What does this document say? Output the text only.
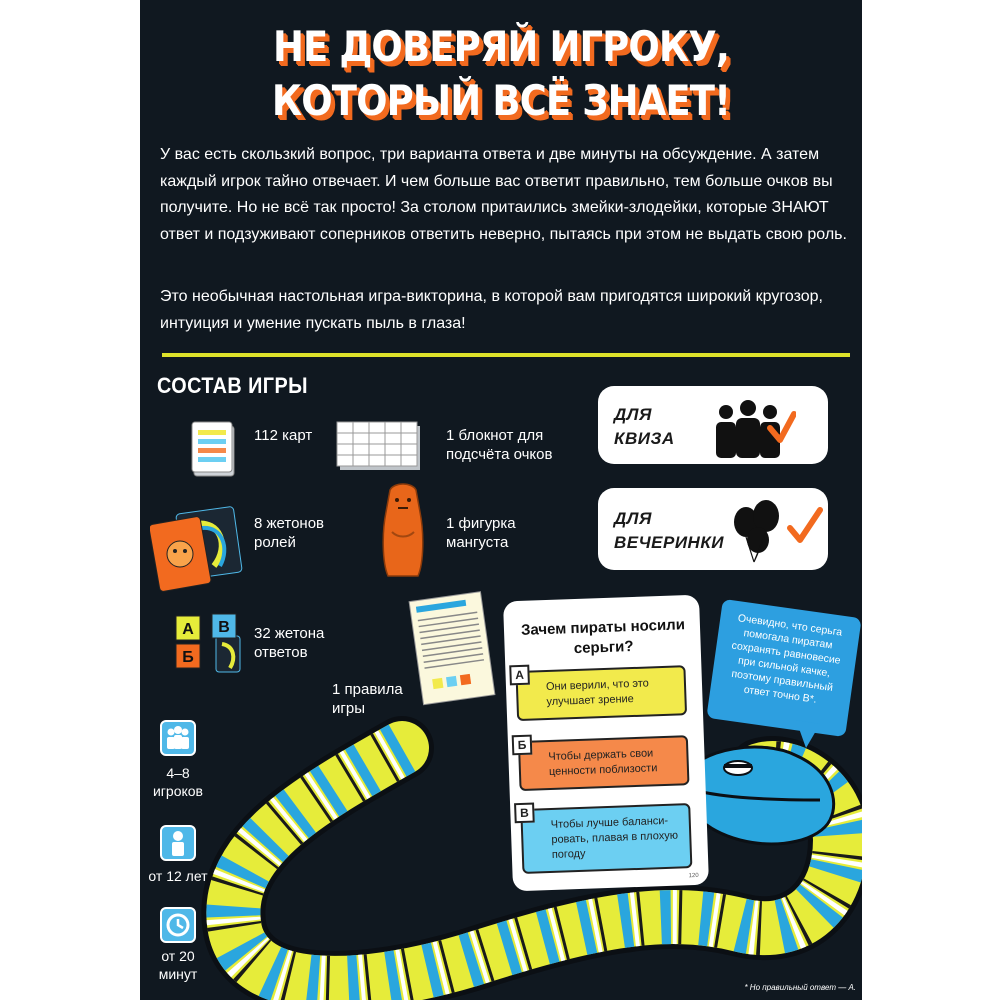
НЕ ДОВЕРЯЙ ИГРОКУ,
КОТОРЫЙ ВСЁ ЗНАЕТ!

У вас есть скользкий вопрос, три варианта ответа и две минуты на обсуждение. А затем каждый игрок тайно отвечает. И чем больше вас ответит правильно, тем больше очков вы получите. Но не всё так просто! За столом притаились змейки-злодейки, которые ЗНАЮТ ответ и подзуживают соперников ответить неверно, пытаясь при этом не выдать свою роль.

Это необычная настольная игра-викторина, в которой вам пригодятся широкий кругозор, интуиция и умение пускать пыль в глаза!

СОСТАВ ИГРЫ
112 карт	1 блокнот для подсчёта очков
8 жетонов ролей
1 фигурка мангуста
А В
Б
32 жетона ответов
1 правила игры
ДЛЯ
КВИЗА
ДЛЯ
ВЕЧЕРИНКИ
4–8 игроков
от 12 лет
от 20 минут
Зачем пираты носили серьги?
А
Они верили, что это улучшает зрение
Б
Чтобы держать свои ценности поблизости
В
Чтобы лучше баланси-ровать, плавая в плохую погоду
120
Очевидно, что серьга помогала пиратам сохранять равновесие при сильной качке, поэтому правильный ответ точно В*.
* Но правильный ответ — А.
